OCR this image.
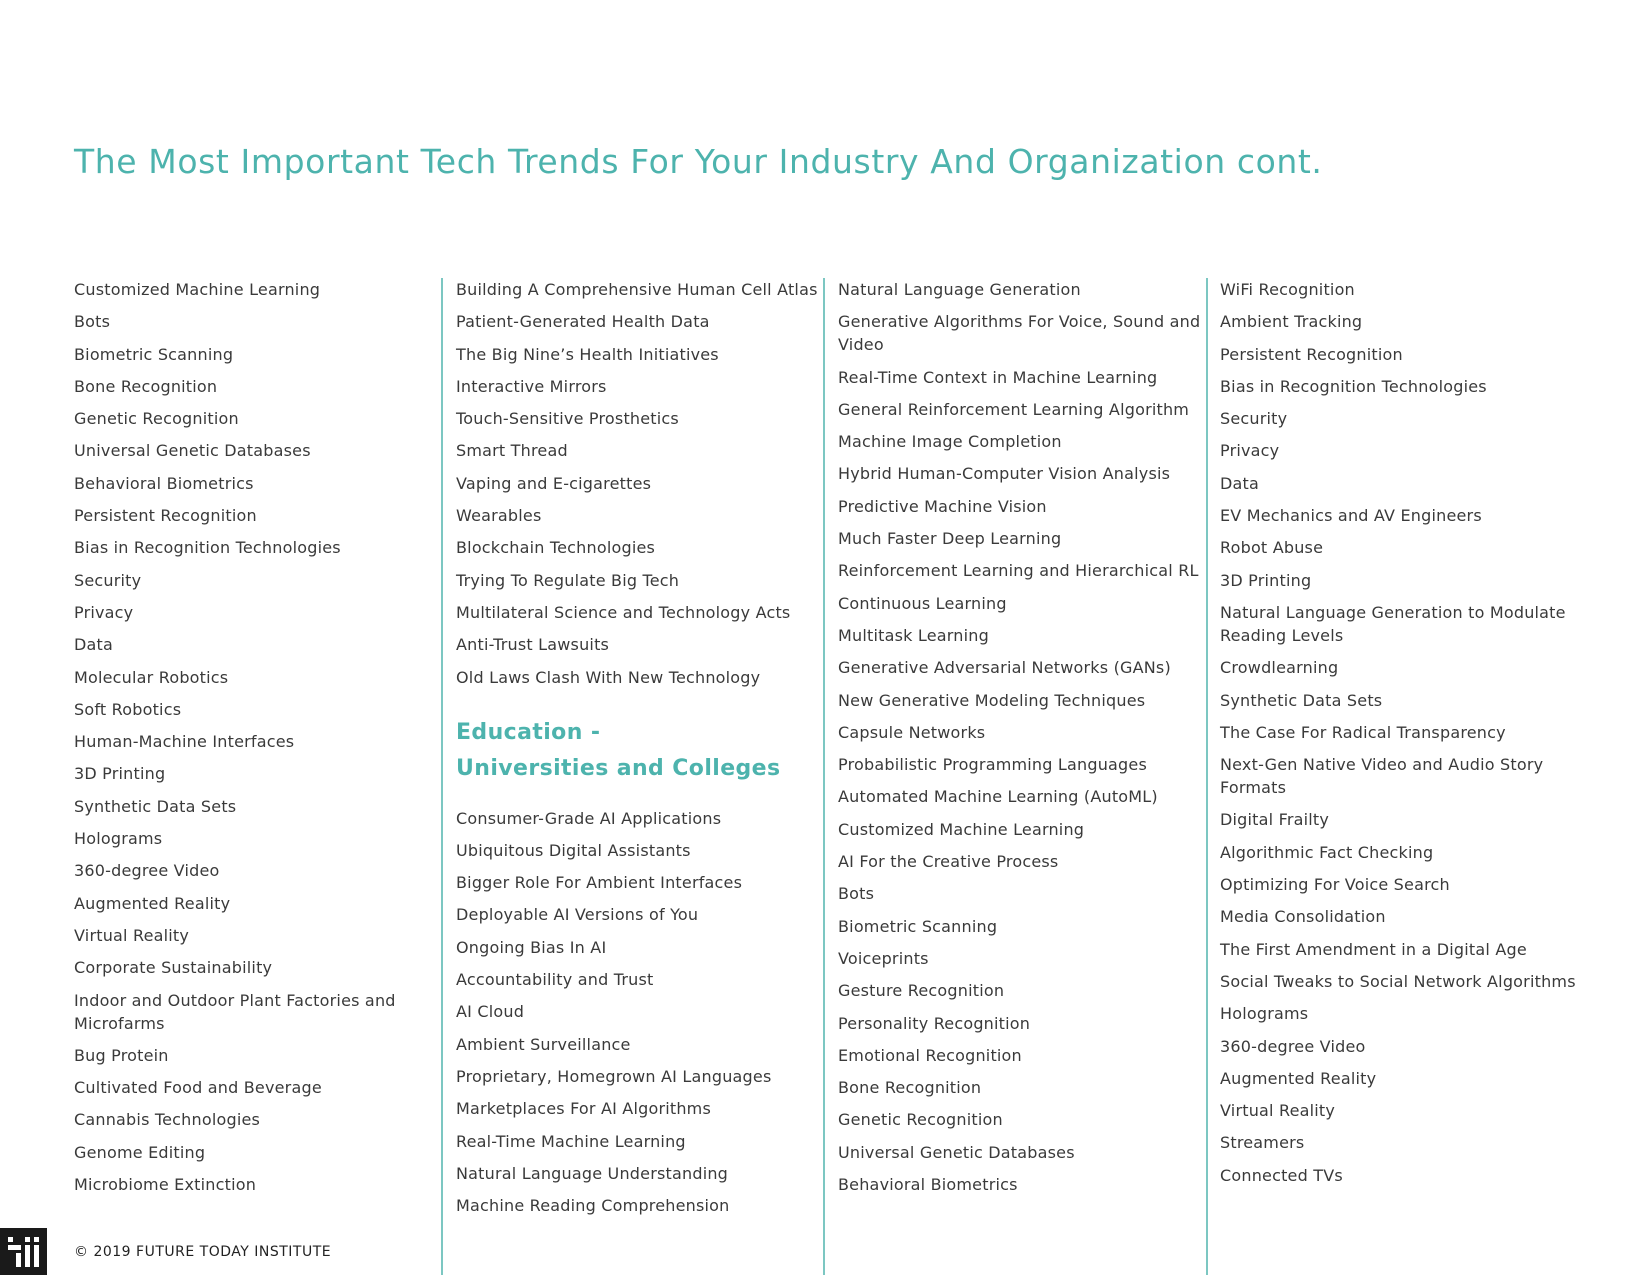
The Most Important Tech Trends For Your Industry And Organization cont.
Customized Machine Learning
Bots
Biometric Scanning
Bone Recognition
Genetic Recognition
Universal Genetic Databases
Behavioral Biometrics
Persistent Recognition
Bias in Recognition Technologies
Security
Privacy
Data
Molecular Robotics
Soft Robotics
Human-Machine Interfaces
3D Printing
Synthetic Data Sets
Holograms
360-degree Video
Augmented Reality
Virtual Reality
Corporate Sustainability
Indoor and Outdoor Plant Factories and Microfarms
Bug Protein
Cultivated Food and Beverage
Cannabis Technologies
Genome Editing
Microbiome Extinction
Building A Comprehensive Human Cell Atlas
Patient-Generated Health Data
The Big Nine’s Health Initiatives
Interactive Mirrors
Touch-Sensitive Prosthetics
Smart Thread
Vaping and E-cigarettes
Wearables
Blockchain Technologies
Trying To Regulate Big Tech
Multilateral Science and Technology Acts
Anti-Trust Lawsuits
Old Laws Clash With New Technology
Education -
Universities and Colleges
Consumer-Grade AI Applications
Ubiquitous Digital Assistants
Bigger Role For Ambient Interfaces
Deployable AI Versions of You
Ongoing Bias In AI
Accountability and Trust
AI Cloud
Ambient Surveillance
Proprietary, Homegrown AI Languages
Marketplaces For AI Algorithms
Real-Time Machine Learning
Natural Language Understanding
Machine Reading Comprehension
Natural Language Generation
Generative Algorithms For Voice, Sound and Video
Real-Time Context in Machine Learning
General Reinforcement Learning Algorithm
Machine Image Completion
Hybrid Human-Computer Vision Analysis
Predictive Machine Vision
Much Faster Deep Learning
Reinforcement Learning and Hierarchical RL
Continuous Learning
Multitask Learning
Generative Adversarial Networks (GANs)
New Generative Modeling Techniques
Capsule Networks
Probabilistic Programming Languages
Automated Machine Learning (AutoML)
Customized Machine Learning
AI For the Creative Process
Bots
Biometric Scanning
Voiceprints
Gesture Recognition
Personality Recognition
Emotional Recognition
Bone Recognition
Genetic Recognition
Universal Genetic Databases
Behavioral Biometrics
WiFi Recognition
Ambient Tracking
Persistent Recognition
Bias in Recognition Technologies
Security
Privacy
Data
EV Mechanics and AV Engineers
Robot Abuse
3D Printing
Natural Language Generation to Modulate Reading Levels
Crowdlearning
Synthetic Data Sets
The Case For Radical Transparency
Next-Gen Native Video and Audio Story Formats
Digital Frailty
Algorithmic Fact Checking
Optimizing For Voice Search
Media Consolidation
The First Amendment in a Digital Age
Social Tweaks to Social Network Algorithms
Holograms
360-degree Video
Augmented Reality
Virtual Reality
Streamers
Connected TVs
© 2019 FUTURE TODAY INSTITUTE
